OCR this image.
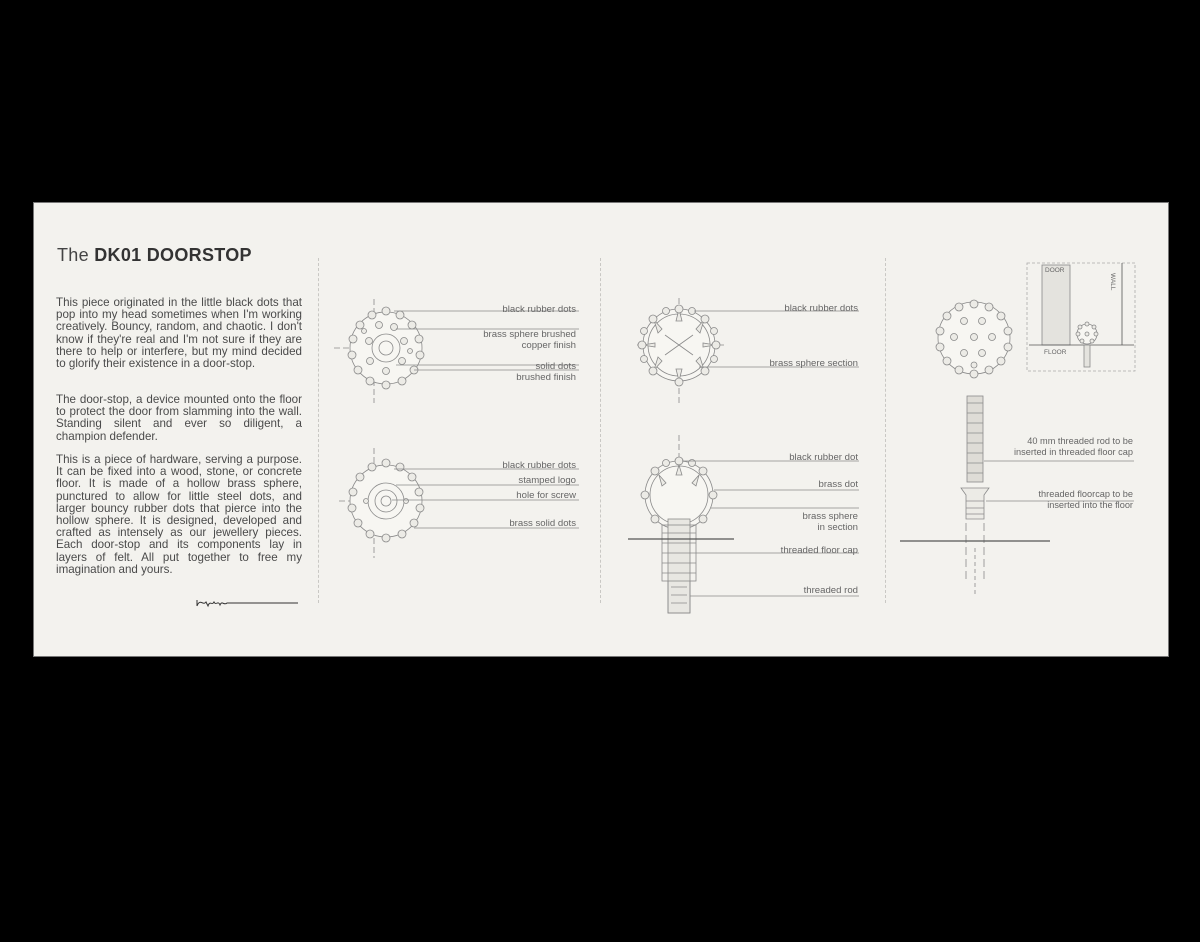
The DK01 DOORSTOP

This piece originated in the little black dots that pop into my head sometimes when I'm working creatively. Bouncy, random, and chaotic. I don't know if they're real and I'm not sure if they are there to help or interfere, but my mind decided to glorify their existence in a door-stop.

The door-stop, a device mounted onto the floor to protect the door from slamming into the wall. Standing silent and ever so diligent, a champion defender.

This is a piece of hardware, serving a purpose. It can be fixed into a wood, stone, or concrete floor. It is made of a hollow brass sphere, punctured to allow for little steel dots, and larger bouncy rubber dots that pierce into the hollow sphere. It is designed, developed and crafted as intensely as our jewellery pieces. Each door-stop and its components lay in layers of felt. All put together to free my imagination and yours.

black rubber dots
brass sphere brushed
copper finish
solid dots
brushed finish
black rubber dots
stamped logo
hole for screw
brass solid dots
black rubber dots
brass sphere section
black rubber dot
brass dot
brass sphere
in section
threaded floor cap
threaded rod
40 mm threaded rod to be
inserted in threaded floor cap
threaded floorcap to be
inserted into the floor
DOOR
FLOOR
WALL
